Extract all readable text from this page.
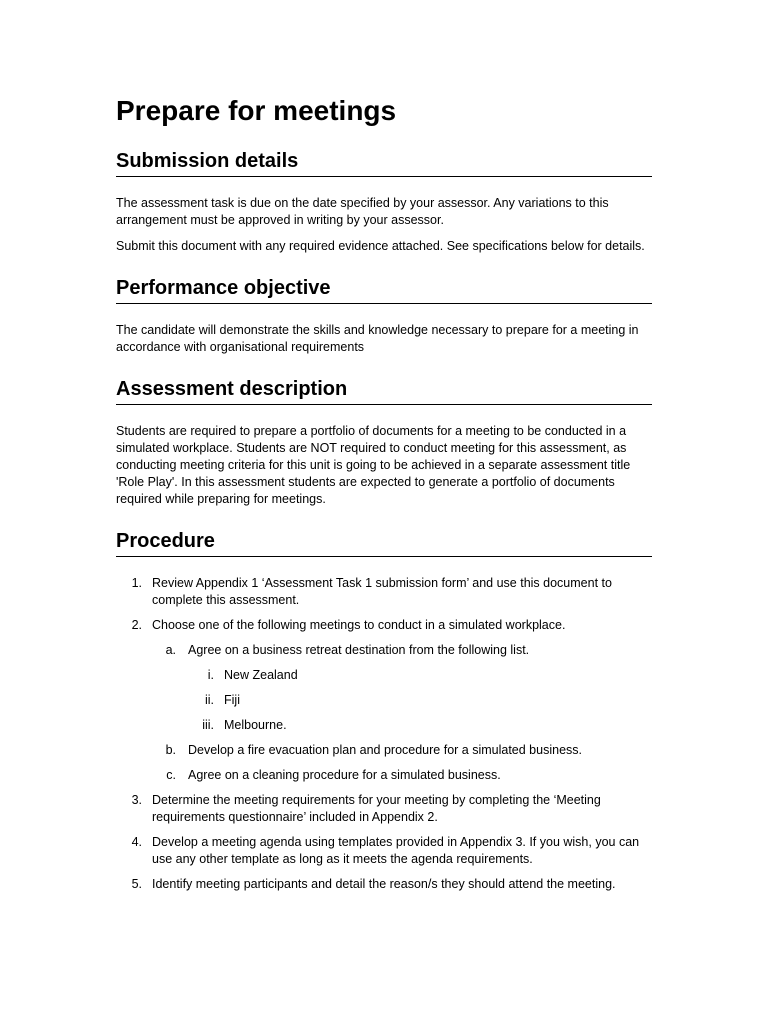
Prepare for meetings
Submission details

The assessment task is due on the date specified by your assessor. Any variations to this arrangement must be approved in writing by your assessor.

Submit this document with any required evidence attached. See specifications below for details.

Performance objective

The candidate will demonstrate the skills and knowledge necessary to prepare for a meeting in accordance with organisational requirements

Assessment description

Students are required to prepare a portfolio of documents for a meeting to be conducted in a simulated workplace. Students are NOT required to conduct meeting for this assessment, as conducting meeting criteria for this unit is going to be achieved in a separate assessment title 'Role Play'. In this assessment students are expected to generate a portfolio of documents required while preparing for meetings.

Procedure
1. Review Appendix 1 ‘Assessment Task 1 submission form’ and use this document to complete this assessment.
2. Choose one of the following meetings to conduct in a simulated workplace.
a. Agree on a business retreat destination from the following list.
i. New Zealand
ii. Fiji
iii. Melbourne.
b. Develop a fire evacuation plan and procedure for a simulated business.
c. Agree on a cleaning procedure for a simulated business.
3. Determine the meeting requirements for your meeting by completing the ‘Meeting requirements questionnaire’ included in Appendix 2.
4. Develop a meeting agenda using templates provided in Appendix 3. If you wish, you can use any other template as long as it meets the agenda requirements.
5. Identify meeting participants and detail the reason/s they should attend the meeting.
